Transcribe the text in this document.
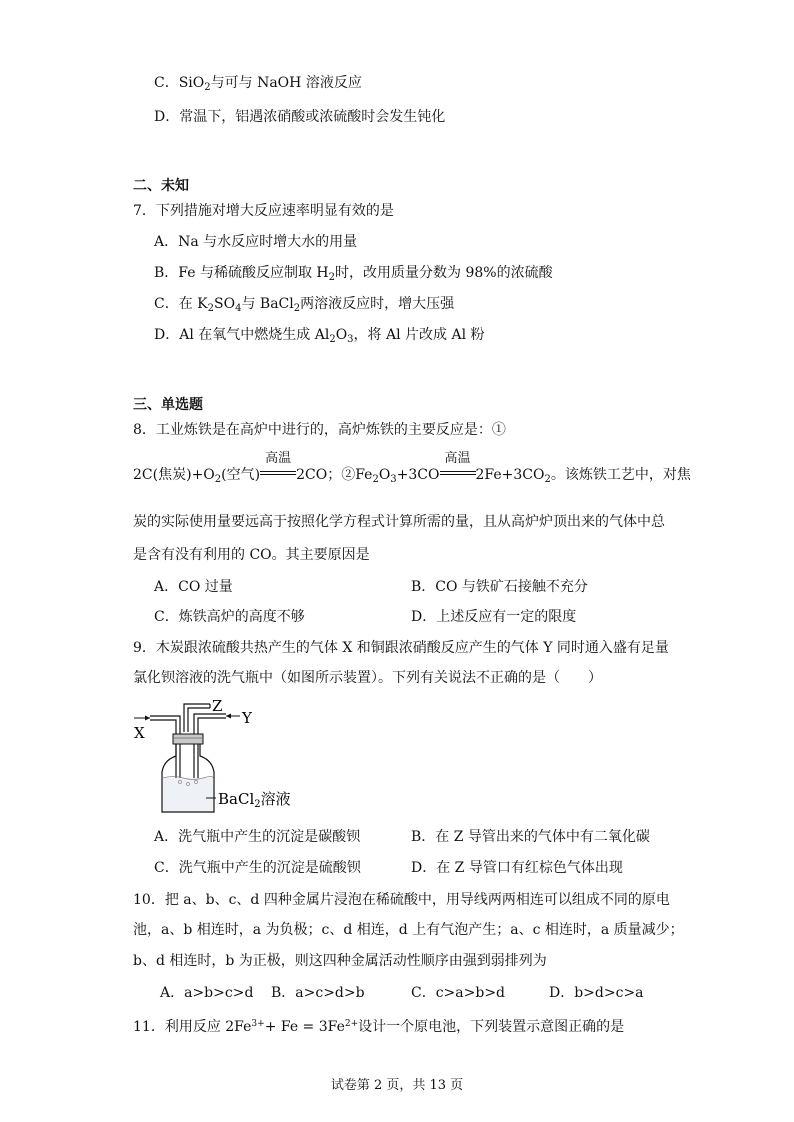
C．SiO$_2$与可与 NaOH 溶液反应
D．常温下，铝遇浓硝酸或浓硫酸时会发生钝化
二、未知
7．下列措施对增大反应速率明显有效的是
A．Na 与水反应时增大水的用量
B．Fe 与稀硫酸反应制取 $H_2$时，改用质量分数为 98%的浓硫酸
C．在 $K_2SO_4$与 BaCl$_2$两溶液反应时，增大压强
D．Al 在氧气中燃烧生成 $Al_2O_3$，将 Al 片改成 Al 粉
三、单选题
8．工业炼铁是在高炉中进行的，高炉炼铁的主要反应是：①
2C(焦炭)$+O_2$(空气)
高温
2CO；$②Fe_2O_3+3CO$
高温
$2Fe+3CO_2$。该炼铁工艺中，对焦
炭的实际使用量要远高于按照化学方程式计算所需的量，且从高炉炉顶出来的气体中总
是含有没有利用的 CO。其主要原因是
A．CO 过量	B．CO 与铁矿石接触不充分
C．炼铁高炉的高度不够	D．上述反应有一定的限度
9．木炭跟浓硫酸共热产生的气体 X 和铜跟浓硝酸反应产生的气体 Y 同时通入盛有足量
氯化钡溶液的洗气瓶中（如图所示装置）。下列有关说法不正确的是（　　）
X
Y
Z
BaCl$_2$溶液
A．洗气瓶中产生的沉淀是碳酸钡	B．在 Z 导管出来的气体中有二氧化碳
C．洗气瓶中产生的沉淀是硫酸钡	D．在 Z 导管口有红棕色气体出现
10．把 a、b、c、d 四种金属片浸泡在稀硫酸中，用导线两两相连可以组成不同的原电
池，a、b 相连时，a 为负极；c、d 相连，d 上有气泡产生；a、c 相连时，a 质量减少；
b、d 相连时，b 为正极，则这四种金属活动性顺序由强到弱排列为
A．a>b>c>d B．a>c>d>b	C．c>a>b>d	D．b>d>c>a
11．利用反应 $2Fe^{3+}+ Fe = 3Fe^{2+}$设计一个原电池，下列装置示意图正确的是
试卷第 2 页，共 13 页
